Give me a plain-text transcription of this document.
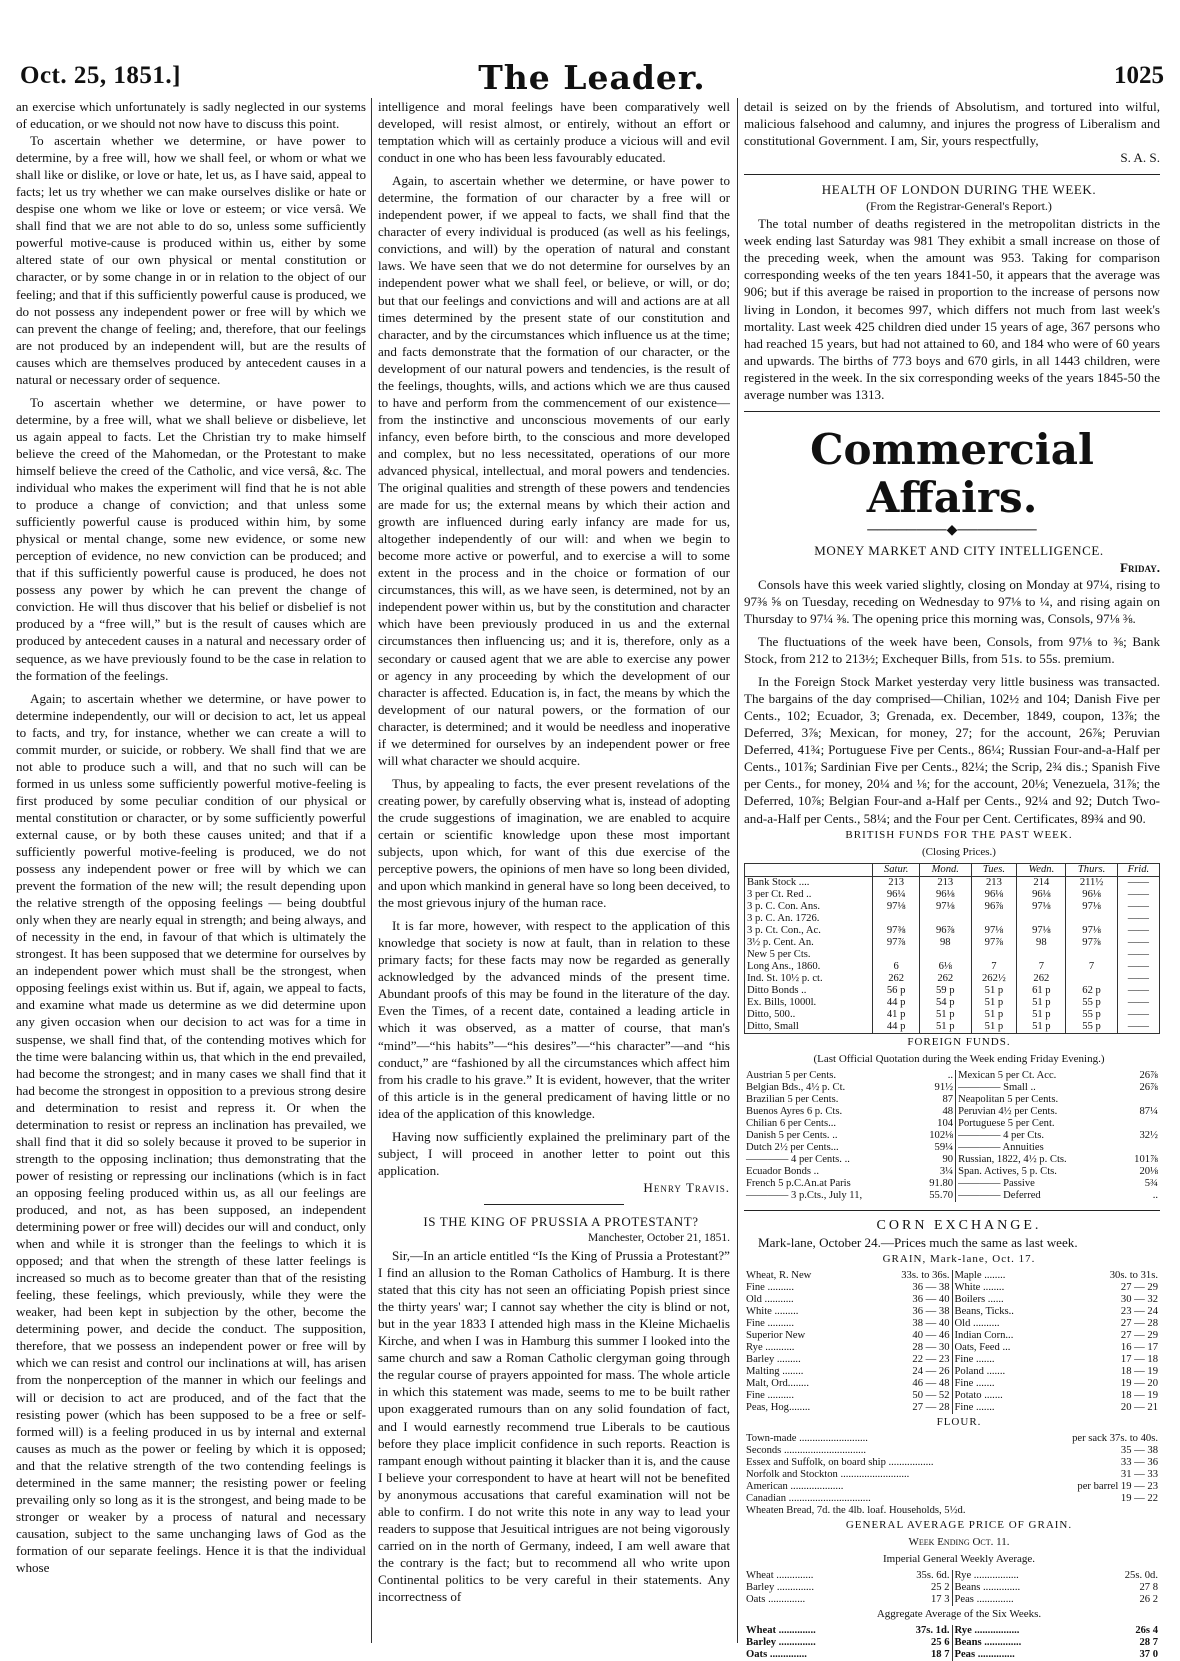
Oct. 25, 1851.]	The Leader.	1025

an exercise which unfortunately is sadly neglected in our systems of education, or we should not now have to discuss this point.

To ascertain whether we determine, or have power to determine, by a free will, how we shall feel, or whom or what we shall like or dislike, or love or hate, let us, as I have said, appeal to facts; let us try whether we can make ourselves dislike or hate or despise one whom we like or love or esteem; or vice versâ. We shall find that we are not able to do so, unless some sufficiently powerful motive-cause is produced within us, either by some altered state of our own physical or mental constitution or character, or by some change in or in relation to the object of our feeling; and that if this sufficiently powerful cause is produced, we do not possess any independent power or free will by which we can prevent the change of feeling; and, therefore, that our feelings are not produced by an independent will, but are the results of causes which are themselves produced by antecedent causes in a natural or necessary order of sequence.

To ascertain whether we determine, or have power to determine, by a free will, what we shall believe or disbelieve, let us again appeal to facts. Let the Christian try to make himself believe the creed of the Mahomedan, or the Protestant to make himself believe the creed of the Catholic, and vice versâ, &c. The individual who makes the experiment will find that he is not able to produce a change of conviction; and that unless some sufficiently powerful cause is produced within him, by some physical or mental change, some new evidence, or some new perception of evidence, no new conviction can be produced; and that if this sufficiently powerful cause is produced, he does not possess any power by which he can prevent the change of conviction. He will thus discover that his belief or disbelief is not produced by a “free will,” but is the result of causes which are produced by antecedent causes in a natural and necessary order of sequence, as we have previously found to be the case in relation to the formation of the feelings.

Again; to ascertain whether we determine, or have power to determine independently, our will or decision to act, let us appeal to facts, and try, for instance, whether we can create a will to commit murder, or suicide, or robbery. We shall find that we are not able to produce such a will, and that no such will can be formed in us unless some sufficiently powerful motive-feeling is first produced by some peculiar condition of our physical or mental constitution or character, or by some sufficiently powerful external cause, or by both these causes united; and that if a sufficiently powerful motive-feeling is produced, we do not possess any independent power or free will by which we can prevent the formation of the new will; the result depending upon the relative strength of the opposing feelings — being doubtful only when they are nearly equal in strength; and being always, and of necessity in the end, in favour of that which is ultimately the strongest. It has been supposed that we determine for ourselves by an independent power which must shall be the strongest, when opposing feelings exist within us. But if, again, we appeal to facts, and examine what made us determine as we did determine upon any given occasion when our decision to act was for a time in suspense, we shall find that, of the contending motives which for the time were balancing within us, that which in the end prevailed, had become the strongest; and in many cases we shall find that it had become the strongest in opposition to a previous strong desire and determination to resist and repress it. Or when the determination to resist or repress an inclination has prevailed, we shall find that it did so solely because it proved to be superior in strength to the opposing inclination; thus demonstrating that the power of resisting or repressing our inclinations (which is in fact an opposing feeling produced within us, as all our feelings are produced, and not, as has been supposed, an independent determining power or free will) decides our will and conduct, only when and while it is stronger than the feelings to which it is opposed; and that when the strength of these latter feelings is increased so much as to become greater than that of the resisting feeling, these feelings, which previously, while they were the weaker, had been kept in subjection by the other, become the determining power, and decide the conduct. The supposition, therefore, that we possess an independent power or free will by which we can resist and control our inclinations at will, has arisen from the nonperception of the manner in which our feelings and will or decision to act are produced, and of the fact that the resisting power (which has been supposed to be a free or self-formed will) is a feeling produced in us by internal and external causes as much as the power or feeling by which it is opposed; and that the relative strength of the two contending feelings is determined in the same manner; the resisting power or feeling prevailing only so long as it is the strongest, and being made to be stronger or weaker by a process of natural and necessary causation, subject to the same unchanging laws of God as the formation of our separate feelings. Hence it is that the individual whose

intelligence and moral feelings have been comparatively well developed, will resist almost, or entirely, without an effort or temptation which will as certainly produce a vicious will and evil conduct in one who has been less favourably educated.

Again, to ascertain whether we determine, or have power to determine, the formation of our character by a free will or independent power, if we appeal to facts, we shall find that the character of every individual is produced (as well as his feelings, convictions, and will) by the operation of natural and constant laws. We have seen that we do not determine for ourselves by an independent power what we shall feel, or believe, or will, or do; but that our feelings and convictions and will and actions are at all times determined by the present state of our constitution and character, and by the circumstances which influence us at the time; and facts demonstrate that the formation of our character, or the development of our natural powers and tendencies, is the result of the feelings, thoughts, wills, and actions which we are thus caused to have and perform from the commencement of our existence—from the instinctive and unconscious movements of our early infancy, even before birth, to the conscious and more developed and complex, but no less necessitated, operations of our more advanced physical, intellectual, and moral powers and tendencies. The original qualities and strength of these powers and tendencies are made for us; the external means by which their action and growth are influenced during early infancy are made for us, altogether independently of our will: and when we begin to become more active or powerful, and to exercise a will to some extent in the process and in the choice or formation of our circumstances, this will, as we have seen, is determined, not by an independent power within us, but by the constitution and character which have been previously produced in us and the external circumstances then influencing us; and it is, therefore, only as a secondary or caused agent that we are able to exercise any power or agency in any proceeding by which the development of our character is affected. Education is, in fact, the means by which the development of our natural powers, or the formation of our character, is determined; and it would be needless and inoperative if we determined for ourselves by an independent power or free will what character we should acquire.

Thus, by appealing to facts, the ever present revelations of the creating power, by carefully observing what is, instead of adopting the crude suggestions of imagination, we are enabled to acquire certain or scientific knowledge upon these most important subjects, upon which, for want of this due exercise of the perceptive powers, the opinions of men have so long been divided, and upon which mankind in general have so long been deceived, to the most grievous injury of the human race.

It is far more, however, with respect to the application of this knowledge that society is now at fault, than in relation to these primary facts; for these facts may now be regarded as generally acknowledged by the advanced minds of the present time. Abundant proofs of this may be found in the literature of the day. Even the Times, of a recent date, contained a leading article in which it was observed, as a matter of course, that man's “mind”—“his habits”—“his desires”—“his character”—and “his conduct,” are “fashioned by all the circumstances which affect him from his cradle to his grave.” It is evident, however, that the writer of this article is in the general predicament of having little or no idea of the application of this knowledge.

Having now sufficiently explained the preliminary part of the subject, I will proceed in another letter to point out this application.

Henry Travis.

IS THE KING OF PRUSSIA A PROTESTANT?

Manchester, October 21, 1851.

Sir,—In an article entitled “Is the King of Prussia a Protestant?” I find an allusion to the Roman Catholics of Hamburg. It is there stated that this city has not seen an officiating Popish priest since the thirty years' war; I cannot say whether the city is blind or not, but in the year 1833 I attended high mass in the Kleine Michaelis Kirche, and when I was in Hamburg this summer I looked into the same church and saw a Roman Catholic clergyman going through the regular course of prayers appointed for mass. The whole article in which this statement was made, seems to me to be built rather upon exaggerated rumours than on any solid foundation of fact, and I would earnestly recommend true Liberals to be cautious before they place implicit confidence in such reports. Reaction is rampant enough without painting it blacker than it is, and the cause I believe your correspondent to have at heart will not be benefited by anonymous accusations that careful examination will not be able to confirm. I do not write this note in any way to lead your readers to suppose that Jesuitical intrigues are not being vigorously carried on in the north of Germany, indeed, I am well aware that the contrary is the fact; but to recommend all who write upon Continental politics to be very careful in their statements. Any incorrectness of

detail is seized on by the friends of Absolutism, and tortured into wilful, malicious falsehood and calumny, and injures the progress of Liberalism and constitutional Government. I am, Sir, yours respectfully,

S. A. S.

HEALTH OF LONDON DURING THE WEEK.

(From the Registrar-General's Report.)

The total number of deaths registered in the metropolitan districts in the week ending last Saturday was 981 They exhibit a small increase on those of the preceding week, when the amount was 953. Taking for comparison corresponding weeks of the ten years 1841-50, it appears that the average was 906; but if this average be raised in proportion to the increase of persons now living in London, it becomes 997, which differs not much from last week's mortality. Last week 425 children died under 15 years of age, 367 persons who had reached 15 years, but had not attained to 60, and 184 who were of 60 years and upwards. The births of 773 boys and 670 girls, in all 1443 children, were registered in the week. In the six corresponding weeks of the years 1845-50 the average number was 1313.

Commercial Affairs.
────────◆────────

MONEY MARKET AND CITY INTELLIGENCE.

Friday.

Consols have this week varied slightly, closing on Monday at 97¼, rising to 97⅜ ⅝ on Tuesday, receding on Wednesday to 97⅛ to ¼, and rising again on Thursday to 97¼ ⅜. The opening price this morning was, Consols, 97⅛ ⅜.

The fluctuations of the week have been, Consols, from 97⅛ to ⅜; Bank Stock, from 212 to 213½; Exchequer Bills, from 51s. to 55s. premium.

In the Foreign Stock Market yesterday very little business was transacted. The bargains of the day comprised—Chilian, 102½ and 104; Danish Five per Cents., 102; Ecuador, 3; Grenada, ex. December, 1849, coupon, 13⅞; the Deferred, 3⅞; Mexican, for money, 27; for the account, 26⅞; Peruvian Deferred, 41¾; Portuguese Five per Cents., 86¼; Russian Four-and-a-Half per Cents., 101⅞; Sardinian Five per Cents., 82¼; the Scrip, 2¾ dis.; Spanish Five per Cents., for money, 20¼ and ⅛; for the account, 20⅛; Venezuela, 31⅞; the Deferred, 10⅞; Belgian Four-and a-Half per Cents., 92¼ and 92; Dutch Two-and-a-Half per Cents., 58¼; and the Four per Cent. Certificates, 89¾ and 90.

BRITISH FUNDS FOR THE PAST WEEK.

(Closing Prices.)

	Satur.	Mond.	Tues.	Wedn.	Thurs.	Frid.
Bank Stock ....	213	213	213	214	211½	——
3 per Ct. Red ..	96¼	96⅛	96⅛	96⅛	96⅛	——
3 p. C. Con. Ans.	97⅛	97⅛	96⅞	97⅛	97⅛	——
3 p. C. An. 1726.						——
3 p. Ct. Con., Ac.	97⅜	96⅞	97⅛	97⅛	97⅛	——
3½ p. Cent. An.	97⅞	98	97⅞	98	97⅞	——
New 5 per Cts.						——
Long Ans., 1860.	6	6⅛	7	7	7	——
Ind. St. 10½ p. ct.	262	262	262½	262		——
Ditto Bonds ..	56 p	59 p	51 p	61 p	62 p	——
Ex. Bills, 1000l.	44 p	54 p	51 p	51 p	55 p	——
Ditto, 500..	41 p	51 p	51 p	51 p	55 p	——
Ditto, Small	44 p	51 p	51 p	51 p	55 p	——

FOREIGN FUNDS.

(Last Official Quotation during the Week ending Friday Evening.)

Austrian 5 per Cents.	..	Mexican 5 per Ct. Acc.	26⅞
Belgian Bds., 4½ p. Ct.	91½	———— Small ..	26⅞
Brazilian 5 per Cents.	87	Neapolitan 5 per Cents.	
Buenos Ayres 6 p. Cts.	48	Peruvian 4½ per Cents.	87¼
Chilian 6 per Cents...	104	Portuguese 5 per Cent.	
Danish 5 per Cents. ..	102⅛	———— 4 per Cts.	32½
Dutch 2½ per Cents...	59¼	———— Annuities	
———— 4 per Cents. ..	90	Russian, 1822, 4½ p. Cts.	101⅞
Ecuador Bonds ..	3¼	Span. Actives, 5 p. Cts.	20⅛
French 5 p.C.An.at Paris	91.80	———— Passive	5¾
———— 3 p.Cts., July 11,	55.70	———— Deferred	..

CORN EXCHANGE.

Mark-lane, October 24.—Prices much the same as last week.

GRAIN, Mark-lane, Oct. 17.

Wheat, R. New	33s. to 36s.	Maple ........	30s. to 31s.
Fine ..........	36 — 38	White ........	27 — 29
Old ...........	36 — 40	Boilers ......	30 — 32
White .........	36 — 38	Beans, Ticks..	23 — 24
Fine ..........	38 — 40	Old ..........	27 — 28
Superior New	40 — 46	Indian Corn...	27 — 29
Rye ...........	28 — 30	Oats, Feed ...	16 — 17
Barley .........	22 — 23	Fine .......	17 — 18
Malting ........	24 — 26	Poland .......	18 — 19
Malt, Ord........	46 — 48	Fine .......	19 — 20
Fine ..........	50 — 52	Potato .......	18 — 19
Peas, Hog........	27 — 28	Fine .......	20 — 21

FLOUR.

Town-made ..........................	per sack 37s. to 40s.
Seconds ...............................	35 — 38
Essex and Suffolk, on board ship .................	33 — 36
Norfolk and Stockton ..........................	31 — 33
American ....................	per barrel 19 — 23
Canadian ...............................	19 — 22
Wheaten Bread, 7d. the 4lb. loaf. Households, 5½d.	

GENERAL AVERAGE PRICE OF GRAIN.

Week Ending Oct. 11.

Imperial General Weekly Average.

Wheat ..............	35s. 6d.	Rye .................	25s. 0d.
Barley ..............	25 2	Beans ..............	27 8
Oats ..............	17 3	Peas ..............	26 2

Aggregate Average of the Six Weeks.

Wheat ..............	37s. 1d.	Rye .................	26s 4
Barley ..............	25 6	Beans ..............	28 7
Oats ..............	18 7	Peas ..............	37 0
